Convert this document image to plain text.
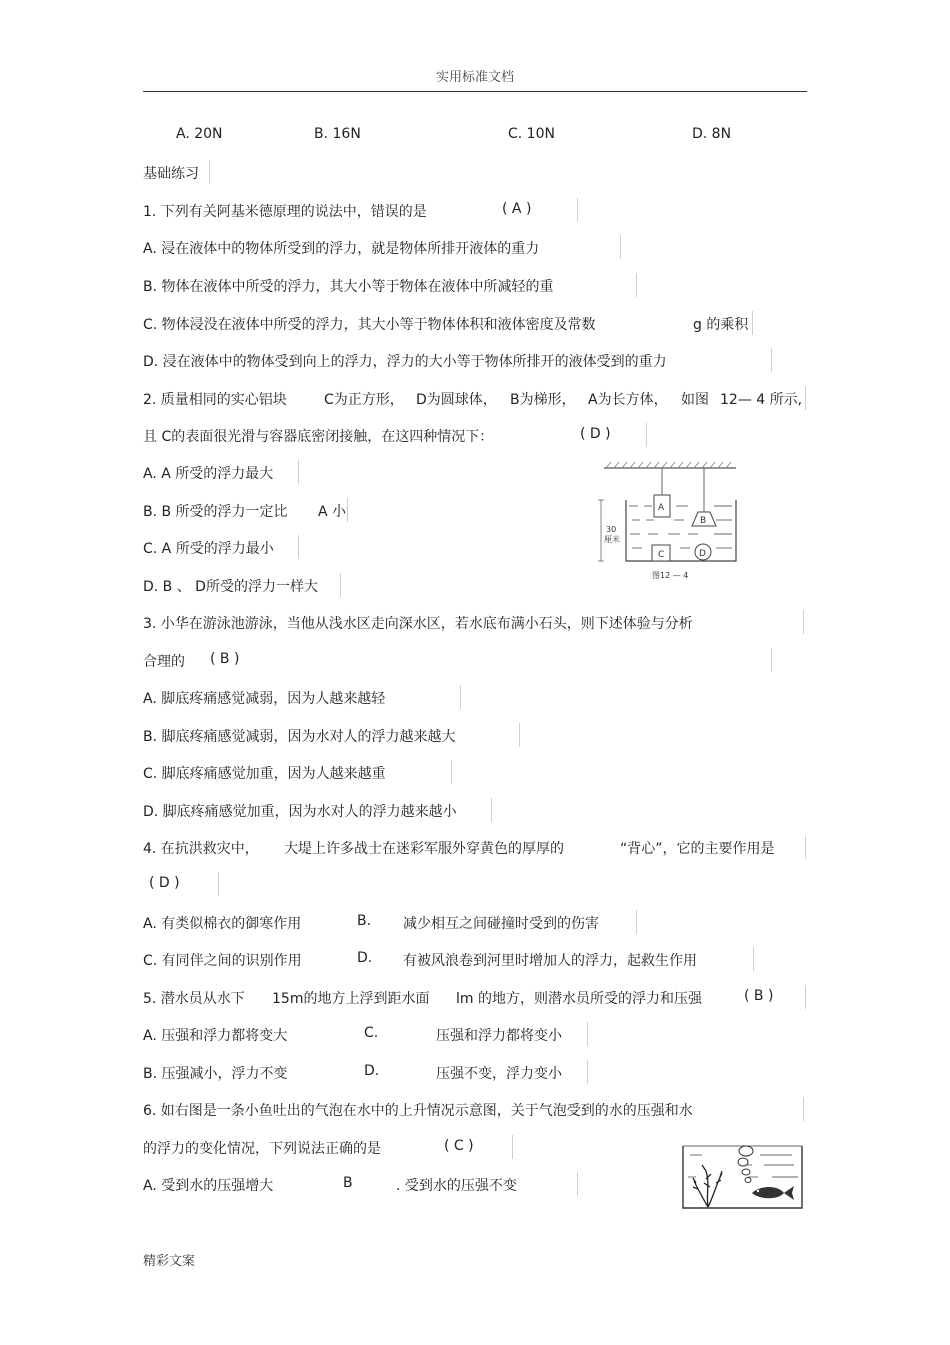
实用标准文档
A. 20N	B. 16N	C. 10N	D. 8N
基础练习
1. 下列有关阿基米德原理的说法中，错误的是	( A )
A. 浸在液体中的物体所受到的浮力，就是物体所排开液体的重力
B. 物体在液体中所受的浮力，其大小等于物体在液体中所减轻的重
C. 物体浸没在液体中所受的浮力，其大小等于物体体积和液体密度及常数	g 的乘积
D. 浸在液体中的物体受到向上的浮力，浮力的大小等于物体所排开的液体受到的重力
2. 质量相同的实心铝块	C为正方形， D为圆球体， B为梯形， A为长方体， 如图 12— 4 所示,
且 C的表面很光滑与容器底密闭接触，在这四种情况下：	( D )
A. A 所受的浮力最大
B. B 所受的浮力一定比 A 小
C. A 所受的浮力最小
D. B 、 D所受的浮力一样大
30
厘米
A
B
C	D
图12 — 4
3. 小华在游泳池游泳，当他从浅水区走向深水区，若水底布满小石头，则下述体验与分析
合理的 ( B )
A. 脚底疼痛感觉减弱，因为人越来越轻
B. 脚底疼痛感觉减弱，因为水对人的浮力越来越大
C. 脚底疼痛感觉加重，因为人越来越重
D. 脚底疼痛感觉加重，因为水对人的浮力越来越小
4. 在抗洪救灾中， 大堤上许多战士在迷彩军服外穿黄色的厚厚的	“背心”，它的主要作用是
( D )
A. 有类似棉衣的御寒作用	B. 减少相互之间碰撞时受到的伤害
C. 有同伴之间的识别作用	D. 有被风浪卷到河里时增加人的浮力，起救生作用
5. 潜水员从水下 15m的地方上浮到距水面 lm 的地方，则潜水员所受的浮力和压强	( B )
A. 压强和浮力都将变大	C.	压强和浮力都将变小
B. 压强减小，浮力不变	D.	压强不变，浮力变小
6. 如右图是一条小鱼吐出的气泡在水中的上升情况示意图，关于气泡受到的水的压强和水
的浮力的变化情况，下列说法正确的是	( C )
A. 受到水的压强增大	B	. 受到水的压强不变
精彩文案
